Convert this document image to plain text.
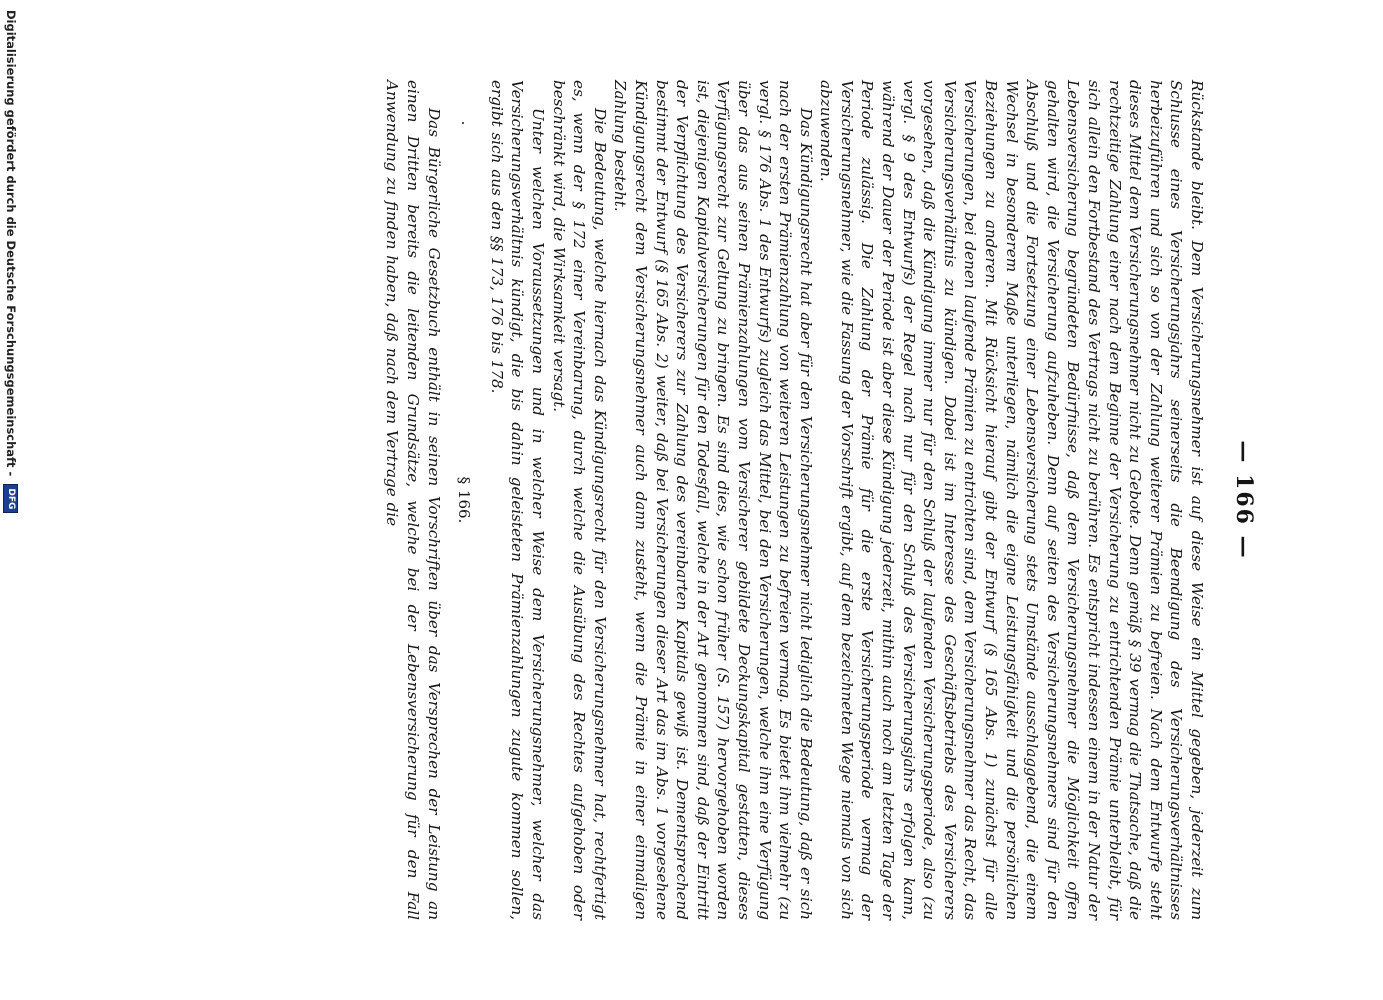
Digitalisierung gefördert durch die Deutsche Forschungsgemeinschaft - DFG	— 166 —

Rückstande bleibt. Dem Versicherungsnehmer ist auf diese Weise ein Mittel gegeben, jederzeit zum Schlusse eines Versicherungsjahrs seinerseits die Beendigung des Versicherungsverhältnisses herbeizuführen und sich so von der Zahlung weiterer Prämien zu befreien. Nach dem Entwurfe steht dieses Mittel dem Versicherungsnehmer nicht zu Gebote. Denn gemäß § 39 vermag die Thatsache, daß die rechtzeitige Zahlung einer nach dem Beginne der Versicherung zu entrichtenden Prämie unterbleibt, für sich allein den Fortbestand des Vertrags nicht zu berühren. Es entspricht indessen einem in der Natur der Lebensversicherung begründeten Bedürfnisse, daß dem Versicherungsnehmer die Möglichkeit offen gehalten wird, die Versicherung aufzuheben. Denn auf seiten des Versicherungsnehmers sind für den Abschluß und die Fortsetzung einer Lebensversicherung stets Umstände ausschlaggebend, die einem Wechsel in besonderem Maße unterliegen, nämlich die eigne Leistungsfähigkeit und die persönlichen Beziehungen zu anderen. Mit Rücksicht hierauf gibt der Entwurf (§ 165 Abs. 1) zunächst für alle Versicherungen, bei denen laufende Prämien zu entrichten sind, dem Versicherungsnehmer das Recht, das Versicherungsverhältnis zu kündigen. Dabei ist im Interesse des Geschäftsbetriebs des Versicherers vorgesehen, daß die Kündigung immer nur für den Schluß der laufenden Versicherungsperiode, also (zu vergl. § 9 des Entwurfs) der Regel nach nur für den Schluß des Versicherungsjahrs erfolgen kann, während der Dauer der Periode ist aber diese Kündigung jederzeit, mithin auch noch am letzten Tage der Periode zulässig. Die Zahlung der Prämie für die erste Versicherungsperiode vermag der Versicherungsnehmer, wie die Fassung der Vorschrift ergibt, auf dem bezeichneten Wege niemals von sich abzuwenden.

Das Kündigungsrecht hat aber für den Versicherungsnehmer nicht lediglich die Bedeutung, daß er sich nach der ersten Prämienzahlung von weiteren Leistungen zu befreien vermag. Es bietet ihm vielmehr (zu vergl. § 176 Abs. 1 des Entwurfs) zugleich das Mittel, bei den Versicherungen, welche ihm eine Verfügung über das aus seinen Prämienzahlungen vom Versicherer gebildete Deckungskapital gestatten, dieses Verfügungsrecht zur Geltung zu bringen. Es sind dies, wie schon früher (S. 157) hervorgehoben worden ist, diejenigen Kapitalversicherungen für den Todesfall, welche in der Art genommen sind, daß der Eintritt der Verpflichtung des Versicherers zur Zahlung des vereinbarten Kapitals gewiß ist. Dementsprechend bestimmt der Entwurf (§ 165 Abs. 2) weiter, daß bei Versicherungen dieser Art das im Abs. 1 vorgesehene Kündigungsrecht dem Versicherungsnehmer auch dann zusteht, wenn die Prämie in einer einmaligen Zahlung besteht.

Die Bedeutung, welche hiernach das Kündigungsrecht für den Versicherungsnehmer hat, rechtfertigt es, wenn der § 172 einer Vereinbarung, durch welche die Ausübung des Rechtes aufgehoben oder beschränkt wird, die Wirksamkeit versagt.

Unter welchen Voraussetzungen und in welcher Weise dem Versicherungsnehmer, welcher das Versicherungsverhältnis kündigt, die bis dahin geleisteten Prämienzahlungen zugute kommen sollen, ergibt sich aus den §§ 173, 176 bis 178.

§ 166.

Das Bürgerliche Gesetzbuch enthält in seinen Vorschriften über das Versprechen der Leistung an einen Dritten bereits die leitenden Grundsätze, welche bei der Lebensversicherung für den Fall Anwendung zu finden haben, daß nach dem Vertrage die
